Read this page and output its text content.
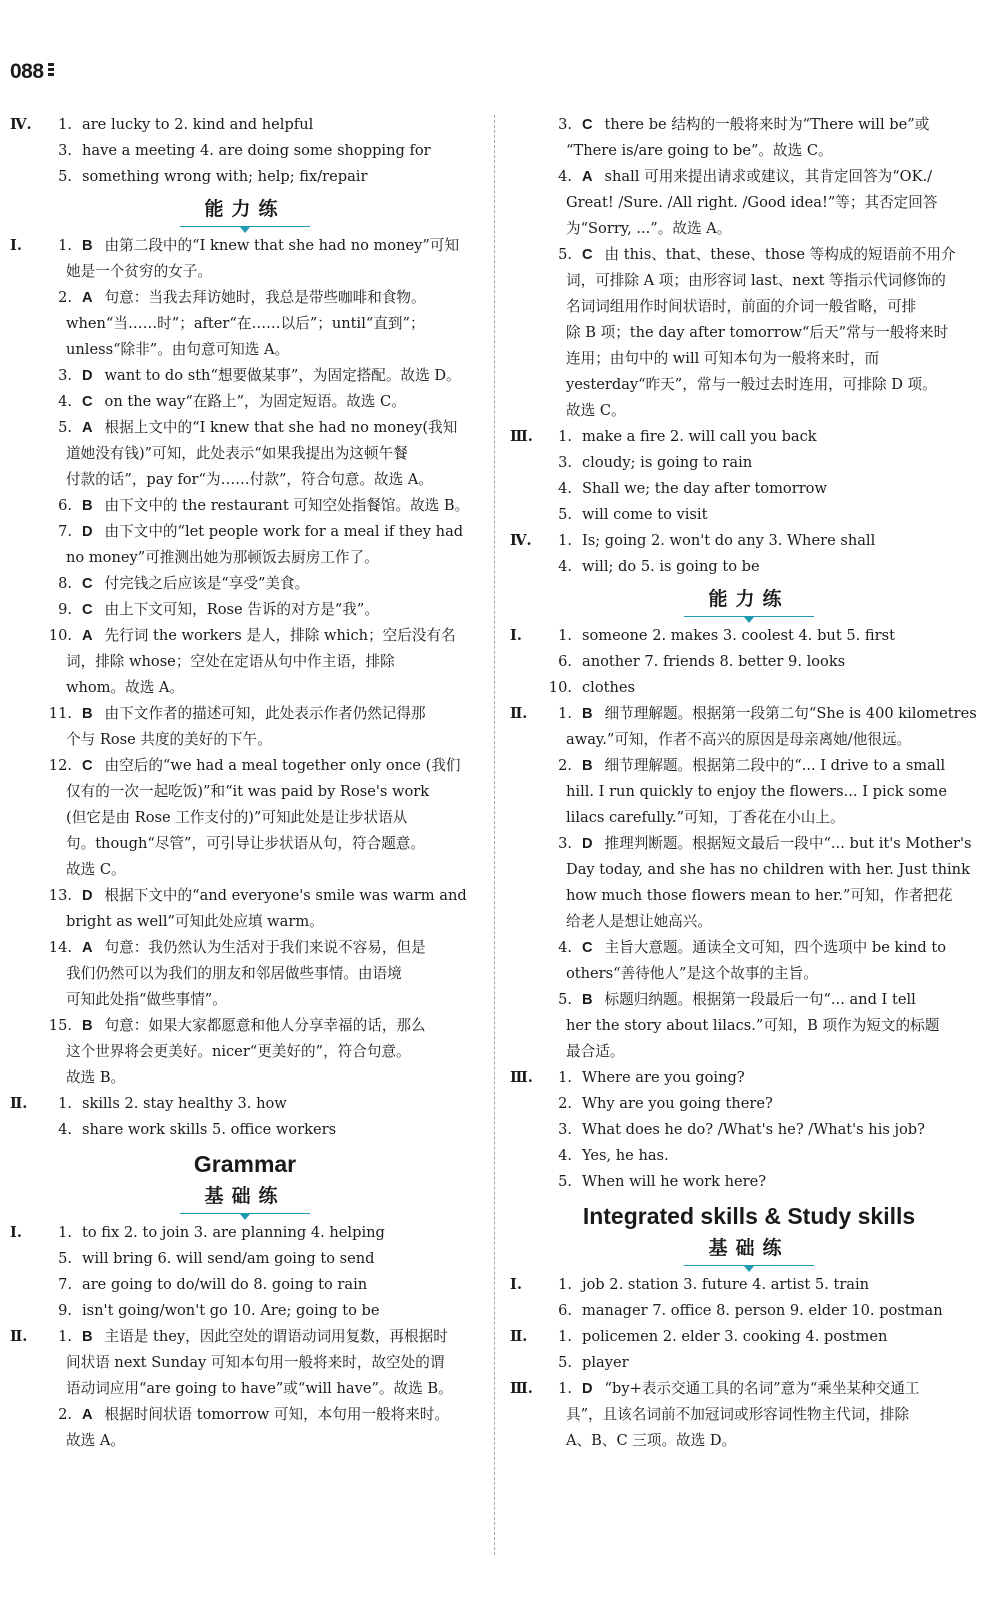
088
Ⅳ.	1. are lucky to 2. kind and helpful
3. have a meeting 4. are doing some shopping for
5. something wrong with; help; fix/repair
能力练
Ⅰ.	1. B 由第二段中的“I knew that she had no money”可知
她是一个贫穷的女子。
2. A 句意：当我去拜访她时，我总是带些咖啡和食物。
when“当……时”；after“在……以后”；until“直到”；
unless“除非”。由句意可知选 A。
3. D want to do sth“想要做某事”，为固定搭配。故选 D。
4. C on the way“在路上”，为固定短语。故选 C。
5. A 根据上文中的“I knew that she had no money(我知
道她没有钱)”可知，此处表示“如果我提出为这顿午餐
付款的话”，pay for“为……付款”，符合句意。故选 A。
6. B 由下文中的 the restaurant 可知空处指餐馆。故选 B。
7. D 由下文中的“let people work for a meal if they had
no money”可推测出她为那顿饭去厨房工作了。
8. C 付完钱之后应该是“享受”美食。
9. C 由上下文可知，Rose 告诉的对方是“我”。
10. A 先行词 the workers 是人，排除 which；空后没有名
词，排除 whose；空处在定语从句中作主语，排除
whom。故选 A。
11. B 由下文作者的描述可知，此处表示作者仍然记得那
个与 Rose 共度的美好的下午。
12. C 由空后的“we had a meal together only once (我们
仅有的一次一起吃饭)”和“it was paid by Rose's work
(但它是由 Rose 工作支付的)”可知此处是让步状语从
句。though“尽管”，可引导让步状语从句，符合题意。
故选 C。
13. D 根据下文中的“and everyone's smile was warm and
bright as well”可知此处应填 warm。
14. A 句意：我仍然认为生活对于我们来说不容易，但是
我们仍然可以为我们的朋友和邻居做些事情。由语境
可知此处指“做些事情”。
15. B 句意：如果大家都愿意和他人分享幸福的话，那么
这个世界将会更美好。nicer“更美好的”，符合句意。
故选 B。
Ⅱ.	1. skills 2. stay healthy 3. how
4. share work skills 5. office workers
Grammar
基础练
Ⅰ.	1. to fix 2. to join 3. are planning 4. helping
5. will bring 6. will send/am going to send
7. are going to do/will do 8. going to rain
9. isn't going/won't go 10. Are; going to be
Ⅱ.	1. B 主语是 they，因此空处的谓语动词用复数，再根据时
间状语 next Sunday 可知本句用一般将来时，故空处的谓
语动词应用“are going to have”或“will have”。故选 B。
2. A 根据时间状语 tomorrow 可知，本句用一般将来时。
故选 A。
3. C there be 结构的一般将来时为“There will be”或
“There is/are going to be”。故选 C。
4. A shall 可用来提出请求或建议，其肯定回答为“OK./
Great! /Sure. /All right. /Good idea!”等；其否定回答
为“Sorry, ...”。故选 A。
5. C 由 this、that、these、those 等构成的短语前不用介
词，可排除 A 项；由形容词 last、next 等指示代词修饰的
名词词组用作时间状语时，前面的介词一般省略，可排
除 B 项；the day after tomorrow“后天”常与一般将来时
连用；由句中的 will 可知本句为一般将来时，而
yesterday“昨天”，常与一般过去时连用，可排除 D 项。
故选 C。
Ⅲ.	1. make a fire 2. will call you back
3. cloudy; is going to rain
4. Shall we; the day after tomorrow
5. will come to visit
Ⅳ.	1. Is; going 2. won't do any 3. Where shall
4. will; do 5. is going to be
能力练
Ⅰ.	1. someone 2. makes 3. coolest 4. but 5. first
6. another 7. friends 8. better 9. looks
10. clothes
Ⅱ.	1. B 细节理解题。根据第一段第二句“She is 400 kilometres
away.”可知，作者不高兴的原因是母亲离她/他很远。
2. B 细节理解题。根据第二段中的“... I drive to a small
hill. I run quickly to enjoy the flowers... I pick some
lilacs carefully.”可知，丁香花在小山上。
3. D 推理判断题。根据短文最后一段中“... but it's Mother's
Day today, and she has no children with her. Just think
how much those flowers mean to her.”可知，作者把花
给老人是想让她高兴。
4. C 主旨大意题。通读全文可知，四个选项中 be kind to
others“善待他人”是这个故事的主旨。
5. B 标题归纳题。根据第一段最后一句“... and I tell
her the story about lilacs.”可知，B 项作为短文的标题
最合适。
Ⅲ.	1. Where are you going?
2. Why are you going there?
3. What does he do? /What's he? /What's his job?
4. Yes, he has.
5. When will he work here?
Integrated skills & Study skills
基础练
Ⅰ.	1. job 2. station 3. future 4. artist 5. train
6. manager 7. office 8. person 9. elder 10. postman
Ⅱ.	1. policemen 2. elder 3. cooking 4. postmen
5. player
Ⅲ.	1. D “by+表示交通工具的名词”意为“乘坐某种交通工
具”，且该名词前不加冠词或形容词性物主代词，排除
A、B、C 三项。故选 D。
